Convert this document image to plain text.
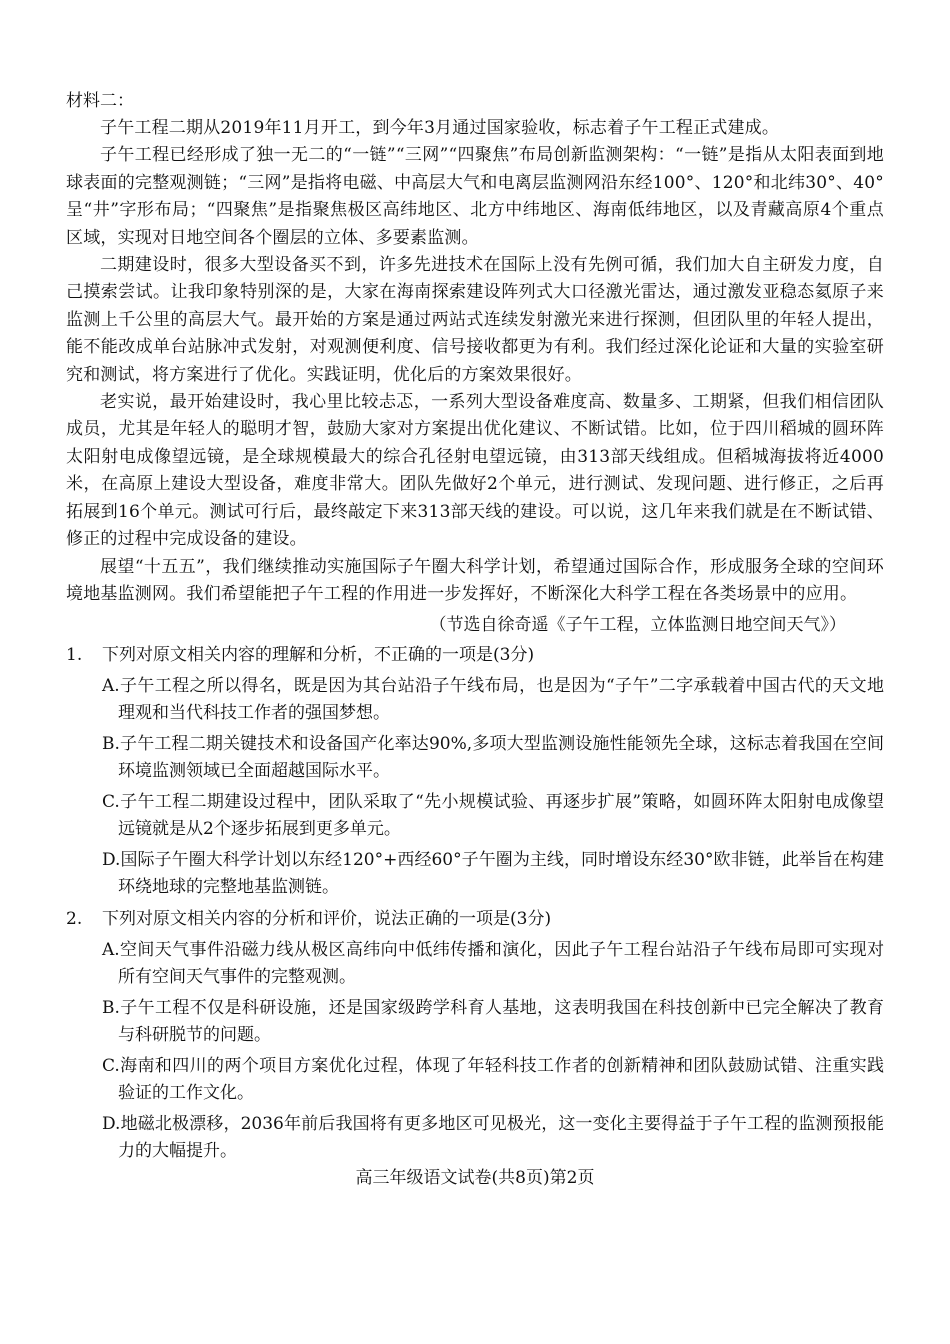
材料二：

子午工程二期从2019年11月开工，到今年3月通过国家验收，标志着子午工程正式建成。

子午工程已经形成了独一无二的“一链”“三网”“四聚焦”布局创新监测架构：“一链”是指从太阳表面到地球表面的完整观测链；“三网”是指将电磁、中高层大气和电离层监测网沿东经100°、120°和北纬30°、40°呈“井”字形布局；“四聚焦”是指聚焦极区高纬地区、北方中纬地区、海南低纬地区，以及青藏高原4个重点区域，实现对日地空间各个圈层的立体、多要素监测。

二期建设时，很多大型设备买不到，许多先进技术在国际上没有先例可循，我们加大自主研发力度，自己摸索尝试。让我印象特别深的是，大家在海南探索建设阵列式大口径激光雷达，通过激发亚稳态氦原子来监测上千公里的高层大气。最开始的方案是通过两站式连续发射激光来进行探测，但团队里的年轻人提出，能不能改成单台站脉冲式发射，对观测便利度、信号接收都更为有利。我们经过深化论证和大量的实验室研究和测试，将方案进行了优化。实践证明，优化后的方案效果很好。

老实说，最开始建设时，我心里比较忐忑，一系列大型设备难度高、数量多、工期紧，但我们相信团队成员，尤其是年轻人的聪明才智，鼓励大家对方案提出优化建议、不断试错。比如，位于四川稻城的圆环阵太阳射电成像望远镜，是全球规模最大的综合孔径射电望远镜，由313部天线组成。但稻城海拔将近4000米，在高原上建设大型设备，难度非常大。团队先做好2个单元，进行测试、发现问题、进行修正，之后再拓展到16个单元。测试可行后，最终敲定下来313部天线的建设。可以说，这几年来我们就是在不断试错、修正的过程中完成设备的建设。

展望“十五五”，我们继续推动实施国际子午圈大科学计划，希望通过国际合作，形成服务全球的空间环境地基监测网。我们希望能把子午工程的作用进一步发挥好，不断深化大科学工程在各类场景中的应用。

（节选自徐奇遥《子午工程，立体监测日地空间天气》）
1.	下列对原文相关内容的理解和分析，不正确的一项是(3分)
A.子午工程之所以得名，既是因为其台站沿子午线布局，也是因为“子午”二字承载着中国古代的天文地理观和当代科技工作者的强国梦想。
B.子午工程二期关键技术和设备国产化率达90%,多项大型监测设施性能领先全球，这标志着我国在空间环境监测领域已全面超越国际水平。
C.子午工程二期建设过程中，团队采取了“先小规模试验、再逐步扩展”策略，如圆环阵太阳射电成像望远镜就是从2个逐步拓展到更多单元。
D.国际子午圈大科学计划以东经120°+西经60°子午圈为主线，同时增设东经30°欧非链，此举旨在构建环绕地球的完整地基监测链。
2.	下列对原文相关内容的分析和评价，说法正确的一项是(3分)
A.空间天气事件沿磁力线从极区高纬向中低纬传播和演化，因此子午工程台站沿子午线布局即可实现对所有空间天气事件的完整观测。
B.子午工程不仅是科研设施，还是国家级跨学科育人基地，这表明我国在科技创新中已完全解决了教育与科研脱节的问题。
C.海南和四川的两个项目方案优化过程，体现了年轻科技工作者的创新精神和团队鼓励试错、注重实践验证的工作文化。
D.地磁北极漂移，2036年前后我国将有更多地区可见极光，这一变化主要得益于子午工程的监测预报能力的大幅提升。
高三年级语文试卷(共8页)第2页
